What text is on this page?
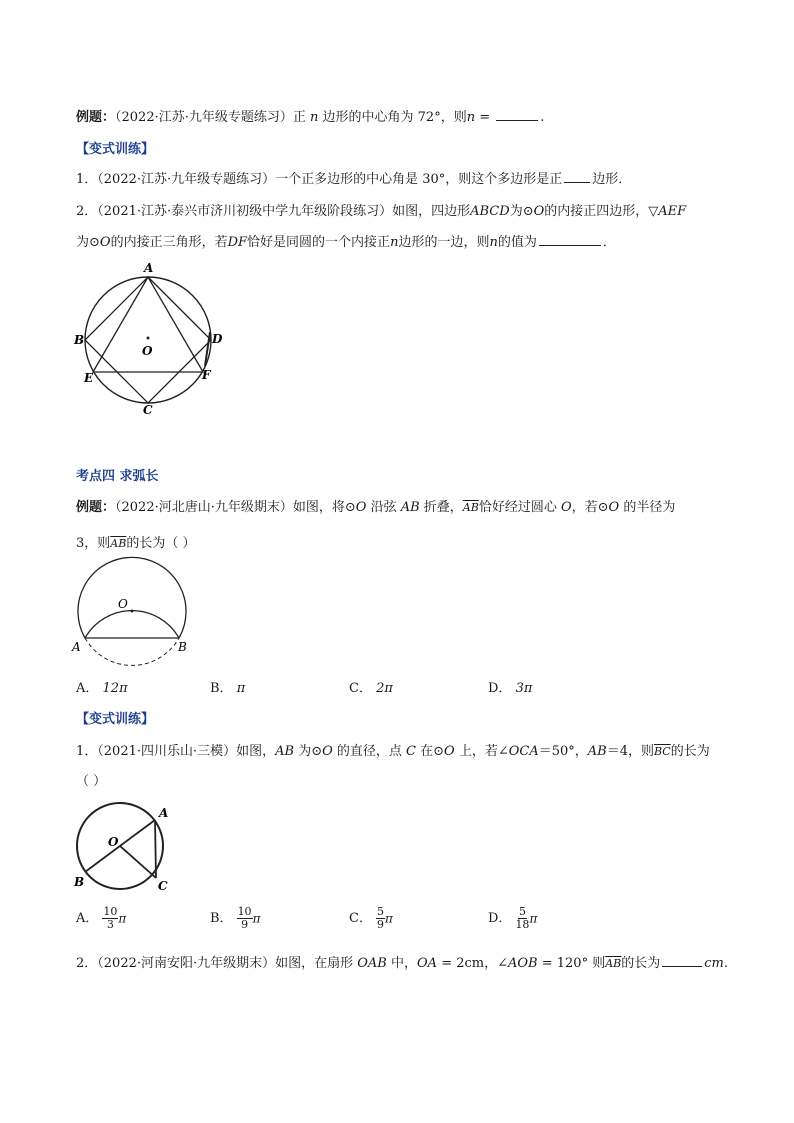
例题：（2022·江苏·九年级专题练习）正 n 边形的中心角为 72°，则n =	.
【变式训练】
1．（2022·江苏·九年级专题练习）一个正多边形的中心角是 30°，则这个多边形是正 边形．
2．（2021·江苏·泰兴市济川初级中学九年级阶段练习）如图，四边形ABCD为⊙O的内接正四边形，▽AEF
为⊙O的内接正三角形，若DF恰好是同圆的一个内接正n边形的一边，则n的值为	．
A
B	D
O
E	F
C
考点四 求弧长
例题：（2022·河北唐山·九年级期末）如图，将⊙O 沿弦 AB 折叠，$\overline{AB}$恰好经过圆心 O，若⊙O 的半径为
3，则$\overline{AB}$的长为（ ）
O
A	B
A． 12π	B． π	C． 2π	D． 3π
【变式训练】
1．（2021·四川乐山·三模）如图，AB 为⊙O 的直径，点 C 在⊙O 上，若∠OCA＝50°，AB＝4，则$\overline{BC}$的长为
（ ）
O
A
B	C
A． $\frac{10}{3}$ π	B． $\frac{10}{9}$ π	C． $\frac{5}{9}$ π	D． $\frac{5}{18}$ π
2．（2022·河南安阳·九年级期末）如图，在扇形 OAB 中，OA = 2cm，∠AOB = 120° 则$\overline{AB}$的长为	cm.
